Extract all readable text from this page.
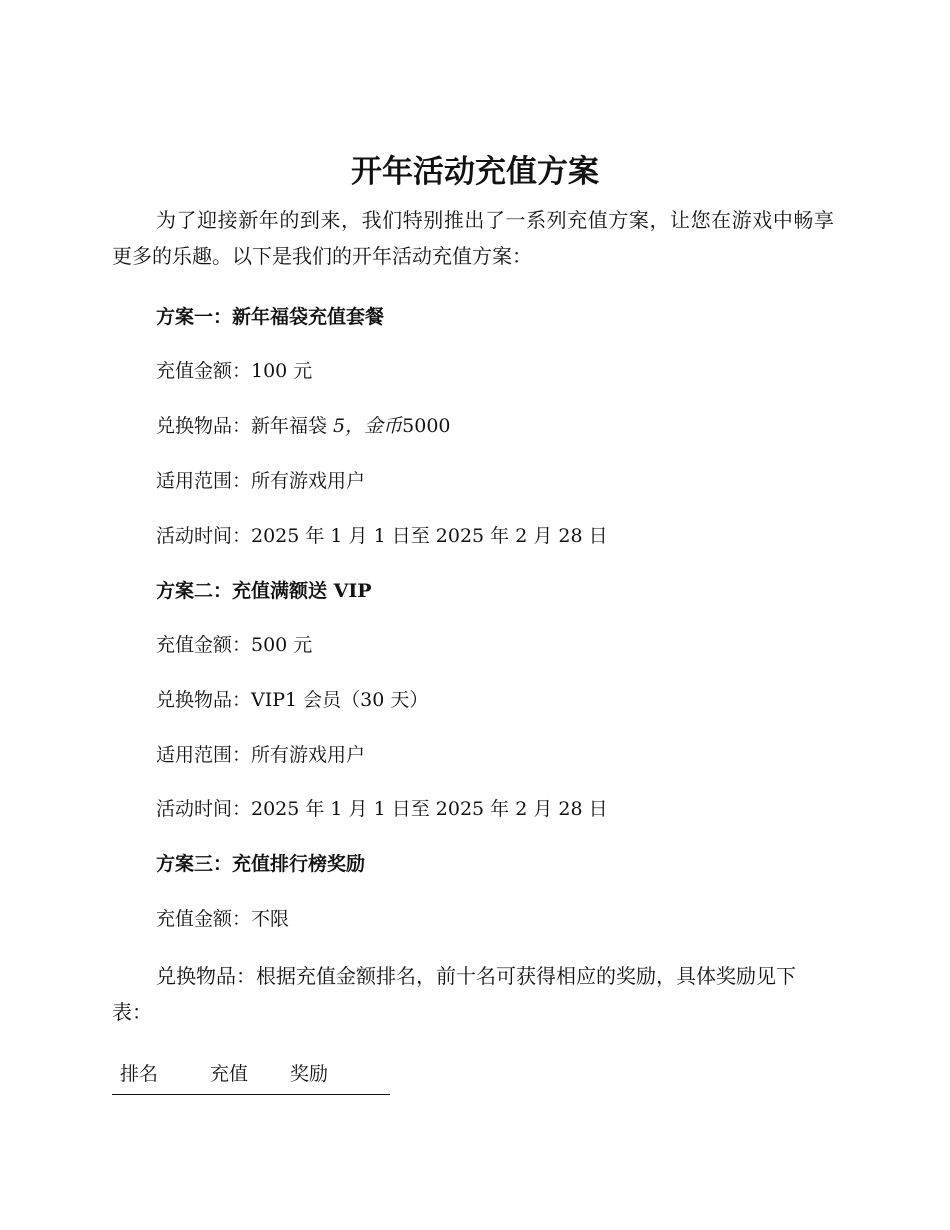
开年活动充值方案

为了迎接新年的到来，我们特别推出了一系列充值方案，让您在游戏中畅享更多的乐趣。以下是我们的开年活动充值方案：

方案一：新年福袋充值套餐

充值金额：100 元

兑换物品：新年福袋 5，金币5000

适用范围：所有游戏用户

活动时间：2025 年 1 月 1 日至 2025 年 2 月 28 日

方案二：充值满额送 VIP

充值金额：500 元

兑换物品：VIP1 会员（30 天）

适用范围：所有游戏用户

活动时间：2025 年 1 月 1 日至 2025 年 2 月 28 日

方案三：充值排行榜奖励

充值金额：不限

兑换物品：根据充值金额排名，前十名可获得相应的奖励，具体奖励见下表：

排名	充值	奖励
